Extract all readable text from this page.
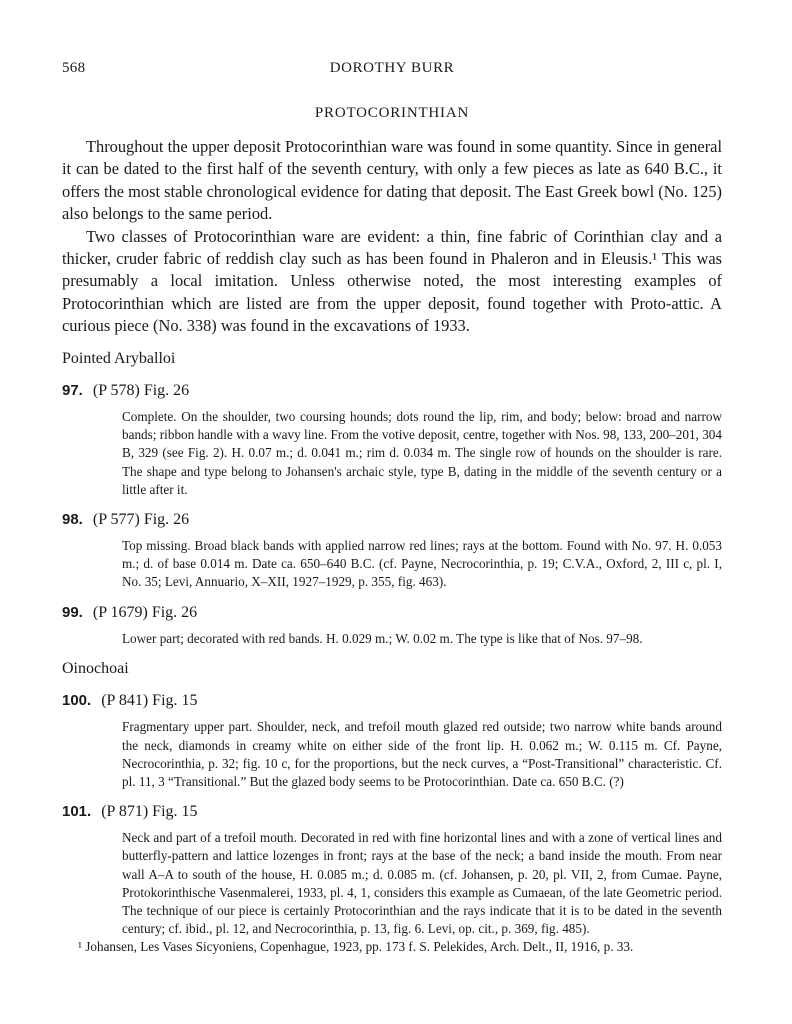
568	DOROTHY BURR
PROTOCORINTHIAN

Throughout the upper deposit Protocorinthian ware was found in some quantity. Since in general it can be dated to the first half of the seventh century, with only a few pieces as late as 640 B.C., it offers the most stable chronological evidence for dating that deposit. The East Greek bowl (No. 125) also belongs to the same period.

Two classes of Protocorinthian ware are evident: a thin, fine fabric of Corinthian clay and a thicker, cruder fabric of reddish clay such as has been found in Phaleron and in Eleusis.¹ This was presumably a local imitation. Unless otherwise noted, the most interesting examples of Protocorinthian which are listed are from the upper deposit, found together with Proto-attic. A curious piece (No. 338) was found in the excavations of 1933.

Pointed Aryballoi
97. (P 578) Fig. 26
Complete. On the shoulder, two coursing hounds; dots round the lip, rim, and body; below: broad and narrow bands; ribbon handle with a wavy line. From the votive deposit, centre, together with Nos. 98, 133, 200–201, 304 B, 329 (see Fig. 2). H. 0.07 m.; d. 0.041 m.; rim d. 0.034 m. The single row of hounds on the shoulder is rare. The shape and type belong to Johansen's archaic style, type B, dating in the middle of the seventh century or a little after it.
98. (P 577) Fig. 26
Top missing. Broad black bands with applied narrow red lines; rays at the bottom. Found with No. 97. H. 0.053 m.; d. of base 0.014 m. Date ca. 650–640 B.C. (cf. Payne, Necrocorinthia, p. 19; C.V.A., Oxford, 2, III c, pl. I, No. 35; Levi, Annuario, X–XII, 1927–1929, p. 355, fig. 463).
99. (P 1679) Fig. 26
Lower part; decorated with red bands. H. 0.029 m.; W. 0.02 m. The type is like that of Nos. 97–98.
Oinochoai
100. (P 841) Fig. 15
Fragmentary upper part. Shoulder, neck, and trefoil mouth glazed red outside; two narrow white bands around the neck, diamonds in creamy white on either side of the front lip. H. 0.062 m.; W. 0.115 m. Cf. Payne, Necrocorinthia, p. 32; fig. 10 c, for the proportions, but the neck curves, a “Post-Transitional” characteristic. Cf. pl. 11, 3 “Transitional.” But the glazed body seems to be Protocorinthian. Date ca. 650 B.C. (?)
101. (P 871) Fig. 15
Neck and part of a trefoil mouth. Decorated in red with fine horizontal lines and with a zone of vertical lines and butterfly-pattern and lattice lozenges in front; rays at the base of the neck; a band inside the mouth. From near wall A–A to south of the house, H. 0.085 m.; d. 0.085 m. (cf. Johansen, p. 20, pl. VII, 2, from Cumae. Payne, Protokorinthische Vasenmalerei, 1933, pl. 4, 1, considers this example as Cumaean, of the late Geometric period. The technique of our piece is certainly Protocorinthian and the rays indicate that it is to be dated in the seventh century; cf. ibid., pl. 12, and Necrocorinthia, p. 13, fig. 6. Levi, op. cit., p. 369, fig. 485).
¹ Johansen, Les Vases Sicyoniens, Copenhague, 1923, pp. 173 f. S. Pelekides, Arch. Delt., II, 1916, p. 33.
